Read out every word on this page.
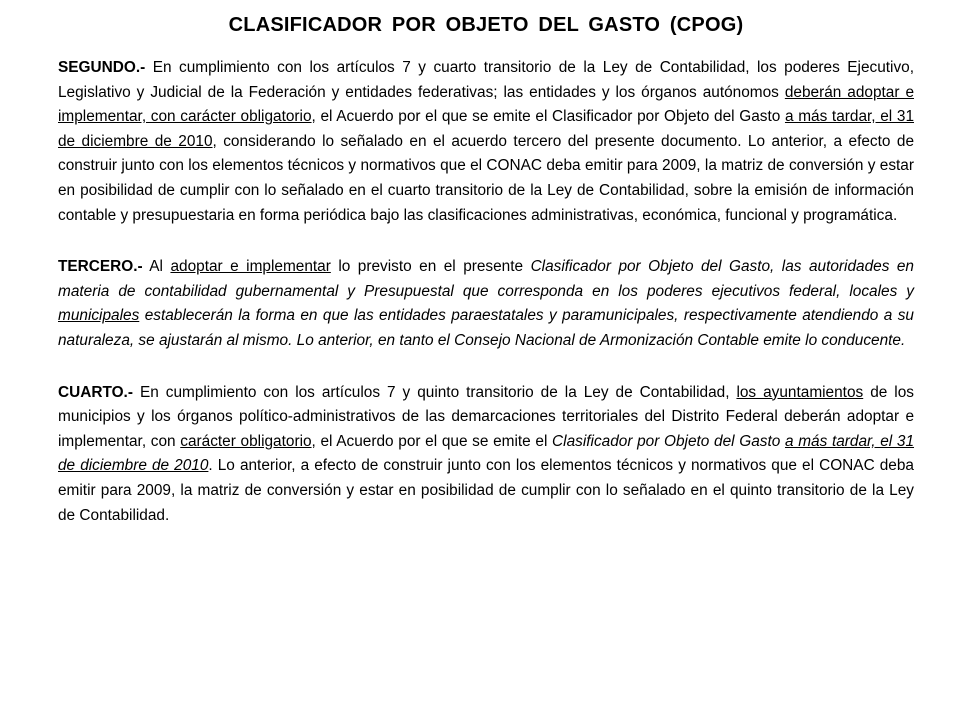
CLASIFICADOR POR OBJETO DEL GASTO (CPOG)

SEGUNDO.- En cumplimiento con los artículos 7 y cuarto transitorio de la Ley de Contabilidad, los poderes Ejecutivo, Legislativo y Judicial de la Federación y entidades federativas; las entidades y los órganos autónomos deberán adoptar e implementar, con carácter obligatorio, el Acuerdo por el que se emite el Clasificador por Objeto del Gasto a más tardar, el 31 de diciembre de 2010, considerando lo señalado en el acuerdo tercero del presente documento. Lo anterior, a efecto de construir junto con los elementos técnicos y normativos que el CONAC deba emitir para 2009, la matriz de conversión y estar en posibilidad de cumplir con lo señalado en el cuarto transitorio de la Ley de Contabilidad, sobre la emisión de información contable y presupuestaria en forma periódica bajo las clasificaciones administrativas, económica, funcional y programática.

TERCERO.- Al adoptar e implementar lo previsto en el presente Clasificador por Objeto del Gasto, las autoridades en materia de contabilidad gubernamental y Presupuestal que corresponda en los poderes ejecutivos federal, locales y municipales establecerán la forma en que las entidades paraestatales y paramunicipales, respectivamente atendiendo a su naturaleza, se ajustarán al mismo. Lo anterior, en tanto el Consejo Nacional de Armonización Contable emite lo conducente.

CUARTO.- En cumplimiento con los artículos 7 y quinto transitorio de la Ley de Contabilidad, los ayuntamientos de los municipios y los órganos político-administrativos de las demarcaciones territoriales del Distrito Federal deberán adoptar e implementar, con carácter obligatorio, el Acuerdo por el que se emite el Clasificador por Objeto del Gasto a más tardar, el 31 de diciembre de 2010. Lo anterior, a efecto de construir junto con los elementos técnicos y normativos que el CONAC deba emitir para 2009, la matriz de conversión y estar en posibilidad de cumplir con lo señalado en el quinto transitorio de la Ley de Contabilidad.
